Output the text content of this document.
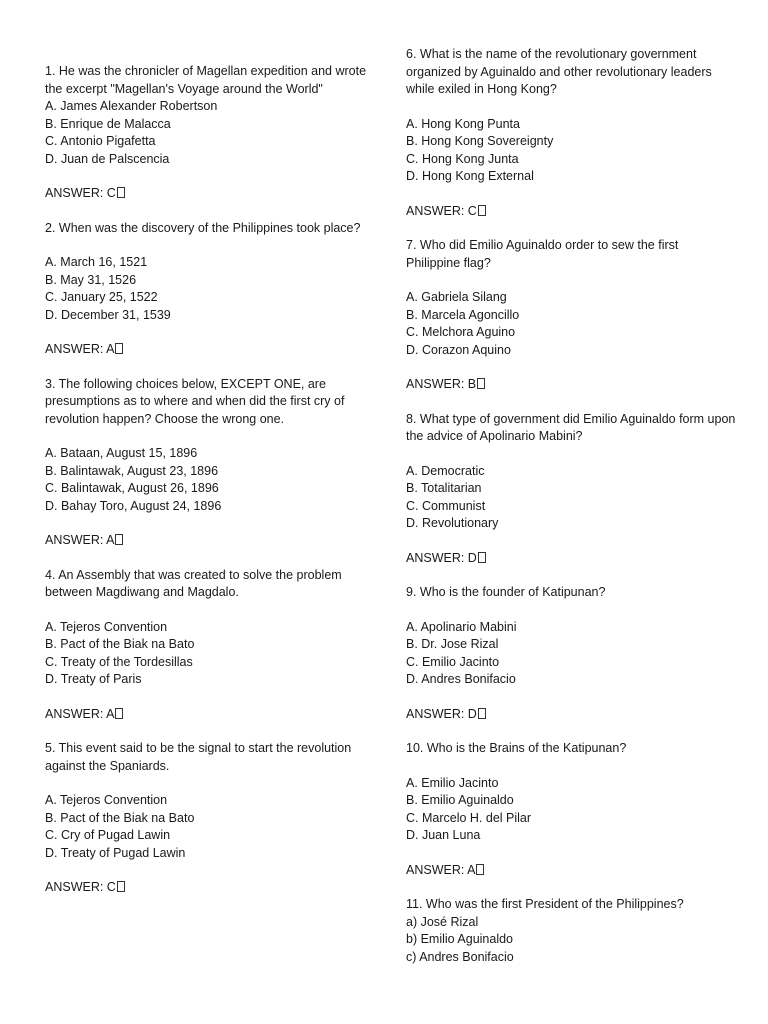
1. He was the chronicler of Magellan expedition and wrote the excerpt "Magellan's Voyage around the World"

A. James Alexander Robertson
B. Enrique de Malacca
C. Antonio Pigafetta
D. Juan de Palscencia
ANSWER: C

2. When was the discovery of the Philippines took place?

A. March 16, 1521
B. May 31, 1526
C. January 25, 1522
D. December 31, 1539
ANSWER: A

3. The following choices below, EXCEPT ONE, are presumptions as to where and when did the first cry of revolution happen? Choose the wrong one.

A. Bataan, August 15, 1896
B. Balintawak, August 23, 1896
C. Balintawak, August 26, 1896
D. Bahay Toro, August 24, 1896
ANSWER: A

4. An Assembly that was created to solve the problem between Magdiwang and Magdalo.

A. Tejeros Convention
B. Pact of the Biak na Bato
C. Treaty of the Tordesillas
D. Treaty of Paris
ANSWER: A

5. This event said to be the signal to start the revolution against the Spaniards.

A. Tejeros Convention
B. Pact of the Biak na Bato
C. Cry of Pugad Lawin
D. Treaty of Pugad Lawin
ANSWER: C

6. What is the name of the revolutionary government organized by Aguinaldo and other revolutionary leaders while exiled in Hong Kong?

A. Hong Kong Punta
B. Hong Kong Sovereignty
C. Hong Kong Junta
D. Hong Kong External
ANSWER: C

7. Who did Emilio Aguinaldo order to sew the first Philippine flag?

A. Gabriela Silang
B. Marcela Agoncillo
C. Melchora Aguino
D. Corazon Aquino
ANSWER: B

8. What type of government did Emilio Aguinaldo form upon the advice of Apolinario Mabini?

A. Democratic
B. Totalitarian
C. Communist
D. Revolutionary
ANSWER: D

9. Who is the founder of Katipunan?

A. Apolinario Mabini
B. Dr. Jose Rizal
C. Emilio Jacinto
D. Andres Bonifacio
ANSWER: D

10. Who is the Brains of the Katipunan?

A. Emilio Jacinto
B. Emilio Aguinaldo
C. Marcelo H. del Pilar
D. Juan Luna
ANSWER: A

11. Who was the first President of the Philippines?

a) José Rizal
b) Emilio Aguinaldo
c) Andres Bonifacio
